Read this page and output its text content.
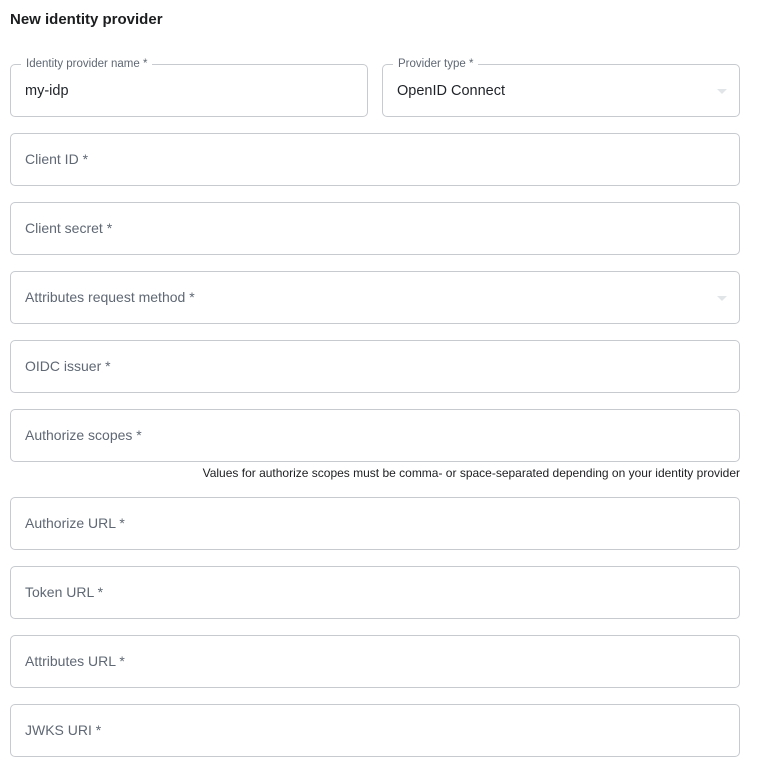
New identity provider
Identity provider name *
my-idp	Provider type *
OpenID Connect
Client ID *
Client secret *
Attributes request method *
OIDC issuer *
Authorize scopes *
Values for authorize scopes must be comma- or space-separated depending on your identity provider
Authorize URL *
Token URL *
Attributes URL *
JWKS URI *
